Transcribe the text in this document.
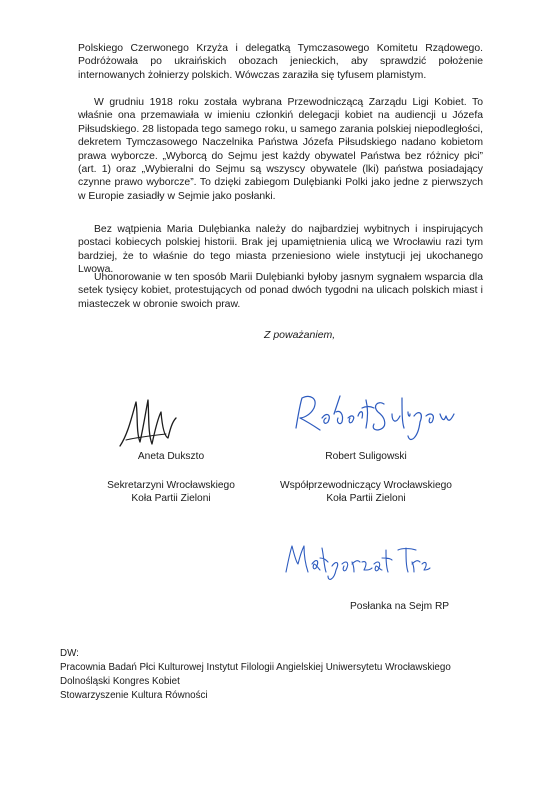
Polskiego Czerwonego Krzyża i delegatką Tymczasowego Komitetu Rządowego. Podróżowała po ukraińskich obozach jenieckich, aby sprawdzić położenie internowanych żołnierzy polskich. Wówczas zaraziła się tyfusem plamistym.

W grudniu 1918 roku została wybrana Przewodniczącą Zarządu Ligi Kobiet. To właśnie ona przemawiała w imieniu członkiń delegacji kobiet na audiencji u Józefa Piłsudskiego. 28 listopada tego samego roku, u samego zarania polskiej niepodległości, dekretem Tymczasowego Naczelnika Państwa Józefa Piłsudskiego nadano kobietom prawa wyborcze. „Wyborcą do Sejmu jest każdy obywatel Państwa bez różnicy płci” (art. 1) oraz „Wybieralni do Sejmu są wszyscy obywatele (lki) państwa posiadający czynne prawo wyborcze”. To dzięki zabiegom Dulębianki Polki jako jedne z pierwszych w Europie zasiadły w Sejmie jako posłanki.

Bez wątpienia Maria Dulębianka należy do najbardziej wybitnych i inspirujących postaci kobiecych polskiej historii. Brak jej upamiętnienia ulicą we Wrocławiu razi tym bardziej, że to właśnie do tego miasta przeniesiono wiele instytucji jej ukochanego Lwowa.

Uhonorowanie w ten sposób Marii Dulębianki byłoby jasnym sygnałem wsparcia dla setek tysięcy kobiet, protestujących od ponad dwóch tygodni na ulicach polskich miast i miasteczek w obronie swoich praw.

Z poważaniem,
Aneta Dukszto
Sekretarzyni Wrocławskiego
Koła Partii Zieloni
Robert Suligowski
Współprzewodniczący Wrocławskiego
Koła Partii Zieloni
Posłanka na Sejm RP
DW:
Pracownia Badań Płci Kulturowej Instytut Filologii Angielskiej Uniwersytetu Wrocławskiego
Dolnośląski Kongres Kobiet
Stowarzyszenie Kultura Równości
